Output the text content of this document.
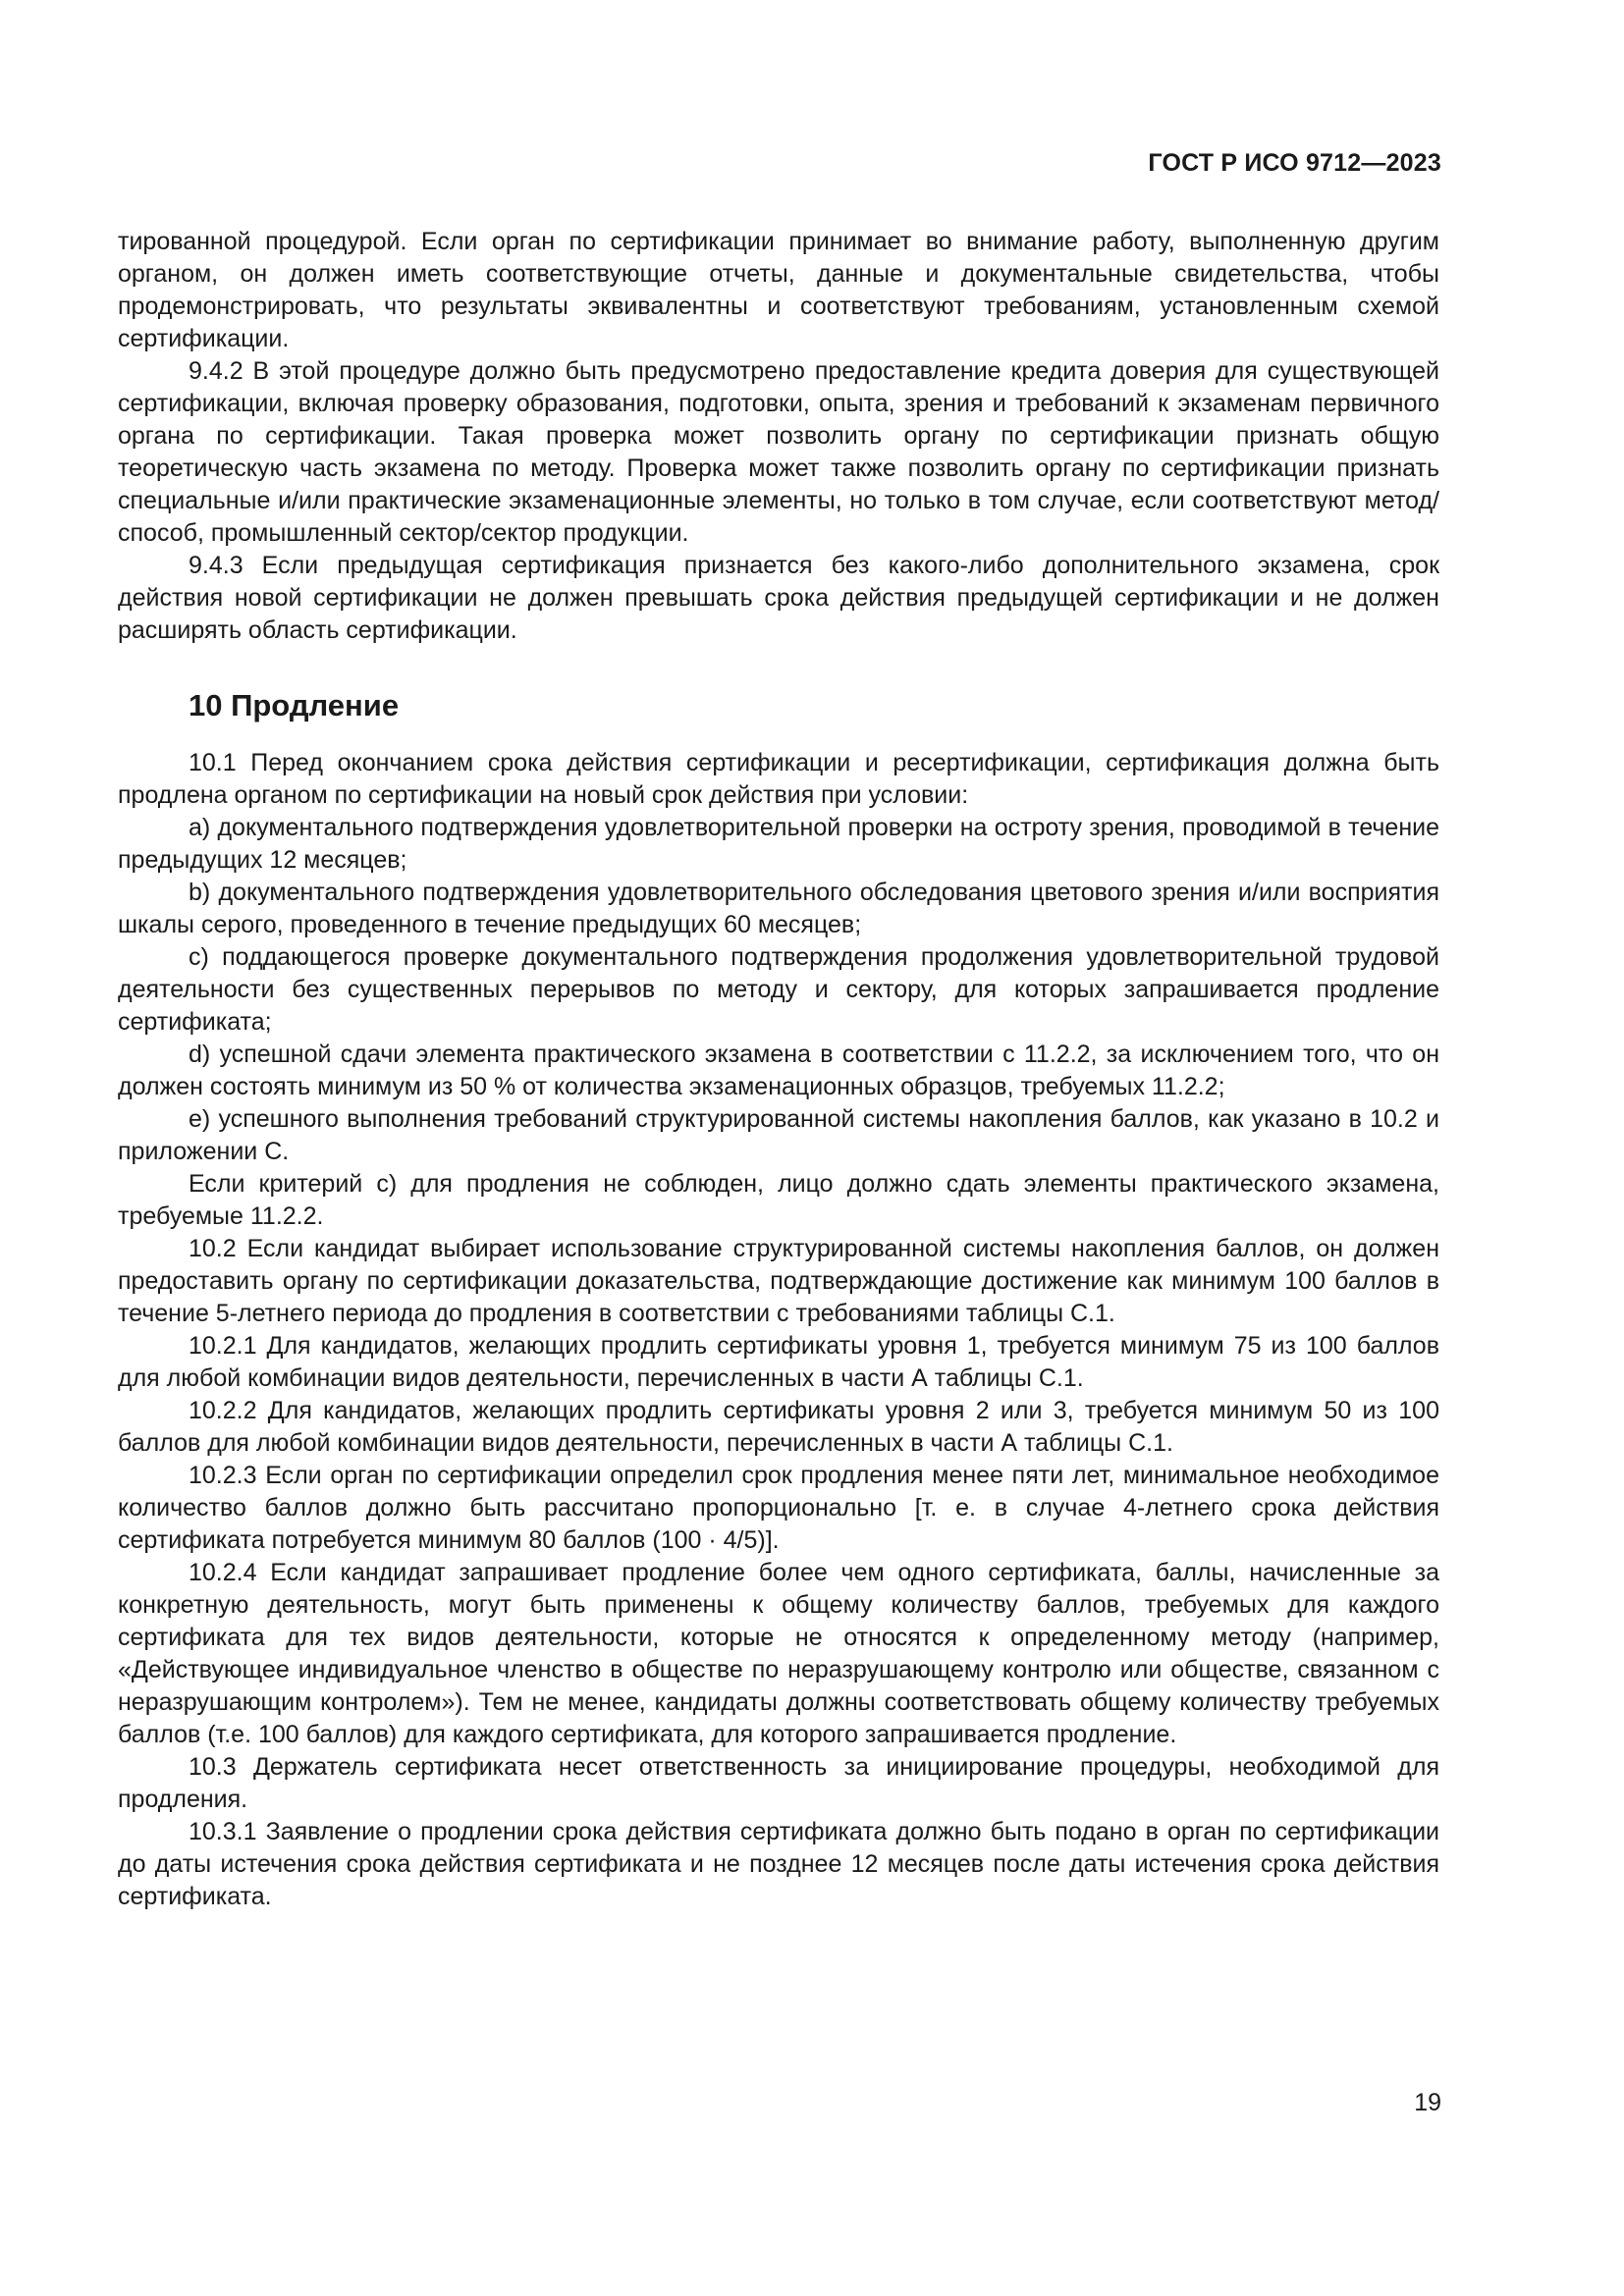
ГОСТ Р ИСО 9712—2023

тированной процедурой. Если орган по сертификации принимает во внимание работу, выполненную другим органом, он должен иметь соответствующие отчеты, данные и документальные свидетельства, чтобы продемонстрировать, что результаты эквивалентны и соответствуют требованиям, установленным схемой сертификации.

9.4.2 В этой процедуре должно быть предусмотрено предоставление кредита доверия для существующей сертификации, включая проверку образования, подготовки, опыта, зрения и требований к экзаменам первичного органа по сертификации. Такая проверка может позволить органу по сертификации признать общую теоретическую часть экзамена по методу. Проверка может также позволить органу по сертификации признать специальные и/или практические экзаменационные элементы, но только в том случае, если соответствуют метод/способ, промышленный сектор/сектор продукции.

9.4.3 Если предыдущая сертификация признается без какого-либо дополнительного экзамена, срок действия новой сертификации не должен превышать срока действия предыдущей сертификации и не должен расширять область сертификации.

10 Продление

10.1 Перед окончанием срока действия сертификации и ресертификации, сертификация должна быть продлена органом по сертификации на новый срок действия при условии:

a) документального подтверждения удовлетворительной проверки на остроту зрения, проводимой в течение предыдущих 12 месяцев;

b) документального подтверждения удовлетворительного обследования цветового зрения и/или восприятия шкалы серого, проведенного в течение предыдущих 60 месяцев;

c) поддающегося проверке документального подтверждения продолжения удовлетворительной трудовой деятельности без существенных перерывов по методу и сектору, для которых запрашивается продление сертификата;

d) успешной сдачи элемента практического экзамена в соответствии с 11.2.2, за исключением того, что он должен состоять минимум из 50 % от количества экзаменационных образцов, требуемых 11.2.2;

e) успешного выполнения требований структурированной системы накопления баллов, как указано в 10.2 и приложении С.

Если критерий c) для продления не соблюден, лицо должно сдать элементы практического экзамена, требуемые 11.2.2.

10.2 Если кандидат выбирает использование структурированной системы накопления баллов, он должен предоставить органу по сертификации доказательства, подтверждающие достижение как минимум 100 баллов в течение 5-летнего периода до продления в соответствии с требованиями таблицы С.1.

10.2.1 Для кандидатов, желающих продлить сертификаты уровня 1, требуется минимум 75 из 100 баллов для любой комбинации видов деятельности, перечисленных в части А таблицы С.1.

10.2.2 Для кандидатов, желающих продлить сертификаты уровня 2 или 3, требуется минимум 50 из 100 баллов для любой комбинации видов деятельности, перечисленных в части А таблицы С.1.

10.2.3 Если орган по сертификации определил срок продления менее пяти лет, минимальное необходимое количество баллов должно быть рассчитано пропорционально [т. е. в случае 4-летнего срока действия сертификата потребуется минимум 80 баллов (100 · 4/5)].

10.2.4 Если кандидат запрашивает продление более чем одного сертификата, баллы, начисленные за конкретную деятельность, могут быть применены к общему количеству баллов, требуемых для каждого сертификата для тех видов деятельности, которые не относятся к определенному методу (например, «Действующее индивидуальное членство в обществе по неразрушающему контролю или обществе, связанном с неразрушающим контролем»). Тем не менее, кандидаты должны соответствовать общему количеству требуемых баллов (т.е. 100 баллов) для каждого сертификата, для которого запрашивается продление.

10.3 Держатель сертификата несет ответственность за инициирование процедуры, необходимой для продления.

10.3.1 Заявление о продлении срока действия сертификата должно быть подано в орган по сертификации до даты истечения срока действия сертификата и не позднее 12 месяцев после даты истечения срока действия сертификата.

19
